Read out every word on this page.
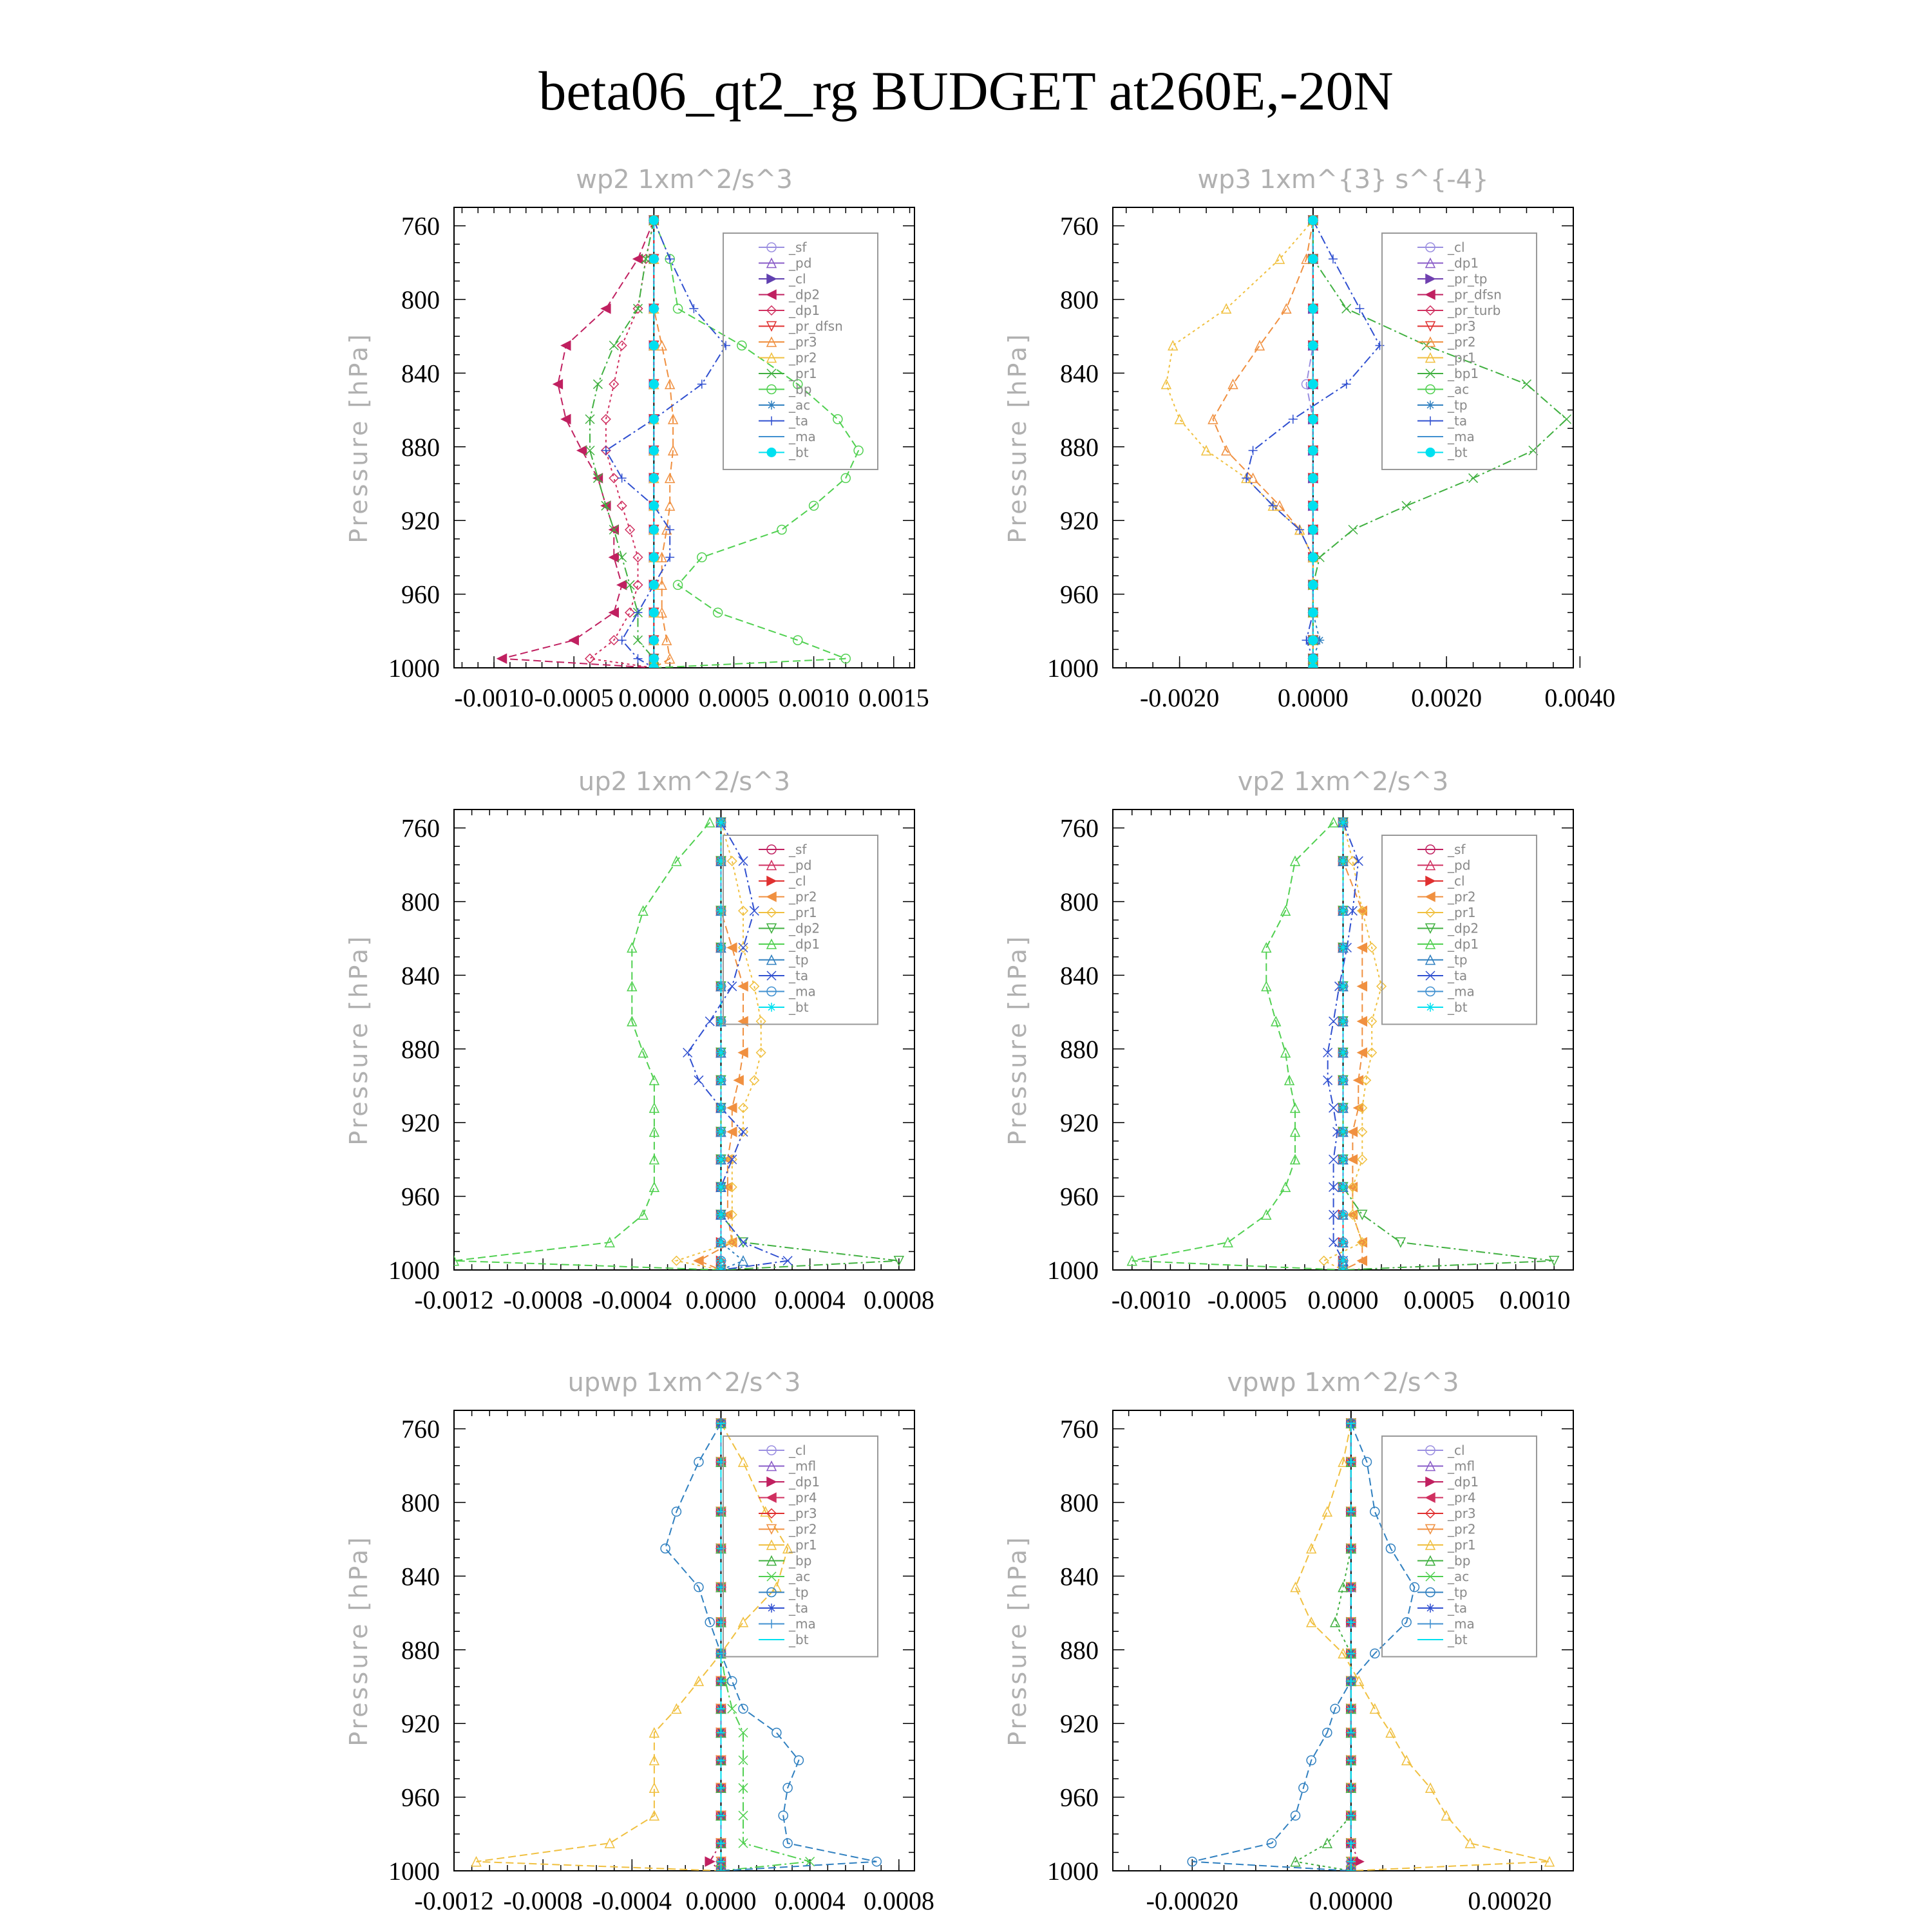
beta06_qt2_rg BUDGET at260E,-20N
wp2 1xm^2/s^3
Pressure [hPa]
760
800
840
880
920
960
1000
-0.0010 -0.0005 0.0000 0.0005 0.0010 0.0015
_sf
_pd
_cl
_dp2
_dp1
_pr_dfsn
_pr3
_pr2
_pr1
_bp
_ac
_ta
_ma
_bt
wp3 1xm^{3} s^{-4}
Pressure [hPa]
760
800
840
880
920
960
1000
-0.0020 0.0000 0.0020 0.0040
_cl
_dp1
_pr_tp
_pr_dfsn
_pr_turb
_pr3
_pr2
_pr1
_bp1
_ac
_tp
_ta
_ma
_bt
up2 1xm^2/s^3
Pressure [hPa]
760
800
840
880
920
960
1000
-0.0012 -0.0008 -0.0004 0.0000 0.0004 0.0008
_sf
_pd
_cl
_pr2
_pr1
_dp2
_dp1
_tp
_ta
_ma
_bt
vp2 1xm^2/s^3
Pressure [hPa]
760
800
840
880
920
960
1000
-0.0010 -0.0005 0.0000 0.0005 0.0010
_sf
_pd
_cl
_pr2
_pr1
_dp2
_dp1
_tp
_ta
_ma
_bt
upwp 1xm^2/s^3
Pressure [hPa]
760
800
840
880
920
960
1000
-0.0012 -0.0008 -0.0004 0.0000 0.0004 0.0008
_cl
_mfl
_dp1
_pr4
_pr3
_pr2
_pr1
_bp
_ac
_tp
_ta
_ma
_bt
vpwp 1xm^2/s^3
Pressure [hPa]
760
800
840
880
920
960
1000
-0.00020	0.00000	0.00020
_cl
_mfl
_dp1
_pr4
_pr3
_pr2
_pr1
_bp
_ac
_tp
_ta
_ma
_bt
